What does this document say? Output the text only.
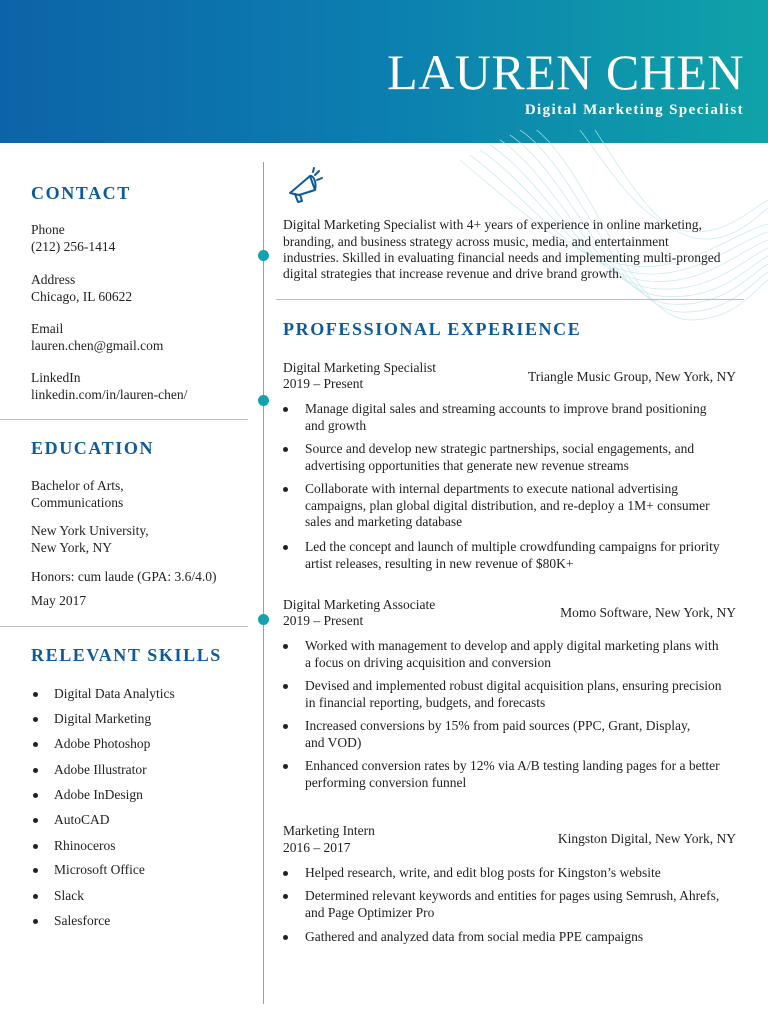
LAUREN CHEN
Digital Marketing Specialist
CONTACT
Phone
(212) 256-1414
Address
Chicago, IL 60622
Email
lauren.chen@gmail.com
LinkedIn
linkedin.com/in/lauren-chen/
EDUCATION
Bachelor of Arts,
Communications
New York University,
New York, NY
Honors: cum laude (GPA: 3.6/4.0)
May 2017
RELEVANT SKILLS
Digital Data Analytics
Digital Marketing
Adobe Photoshop
Adobe Illustrator
Adobe InDesign
AutoCAD
Rhinoceros
Microsoft Office
Slack
Salesforce
Digital Marketing Specialist with 4+ years of experience in online marketing,
branding, and business strategy across music, media, and entertainment
industries. Skilled in evaluating financial needs and implementing multi-pronged
digital strategies that increase revenue and drive brand growth.
PROFESSIONAL EXPERIENCE
Digital Marketing Specialist
2019 – Present	Triangle Music Group, New York, NY
Manage digital sales and streaming accounts to improve brand positioning
and growth
Source and develop new strategic partnerships, social engagements, and
advertising opportunities that generate new revenue streams
Collaborate with internal departments to execute national advertising
campaigns, plan global digital distribution, and re-deploy a 1M+ consumer
sales and marketing database
Led the concept and launch of multiple crowdfunding campaigns for priority
artist releases, resulting in new revenue of $80K+
Digital Marketing Associate
2019 – Present
Momo Software, New York, NY
Worked with management to develop and apply digital marketing plans with
a focus on driving acquisition and conversion
Devised and implemented robust digital acquisition plans, ensuring precision
in financial reporting, budgets, and forecasts
Increased conversions by 15% from paid sources (PPC, Grant, Display,
and VOD)
Enhanced conversion rates by 12% via A/B testing landing pages for a better
performing conversion funnel
Marketing Intern
2016 – 2017
Kingston Digital, New York, NY
Helped research, write, and edit blog posts for Kingston’s website
Determined relevant keywords and entities for pages using Semrush, Ahrefs,
and Page Optimizer Pro
Gathered and analyzed data from social media PPE campaigns
